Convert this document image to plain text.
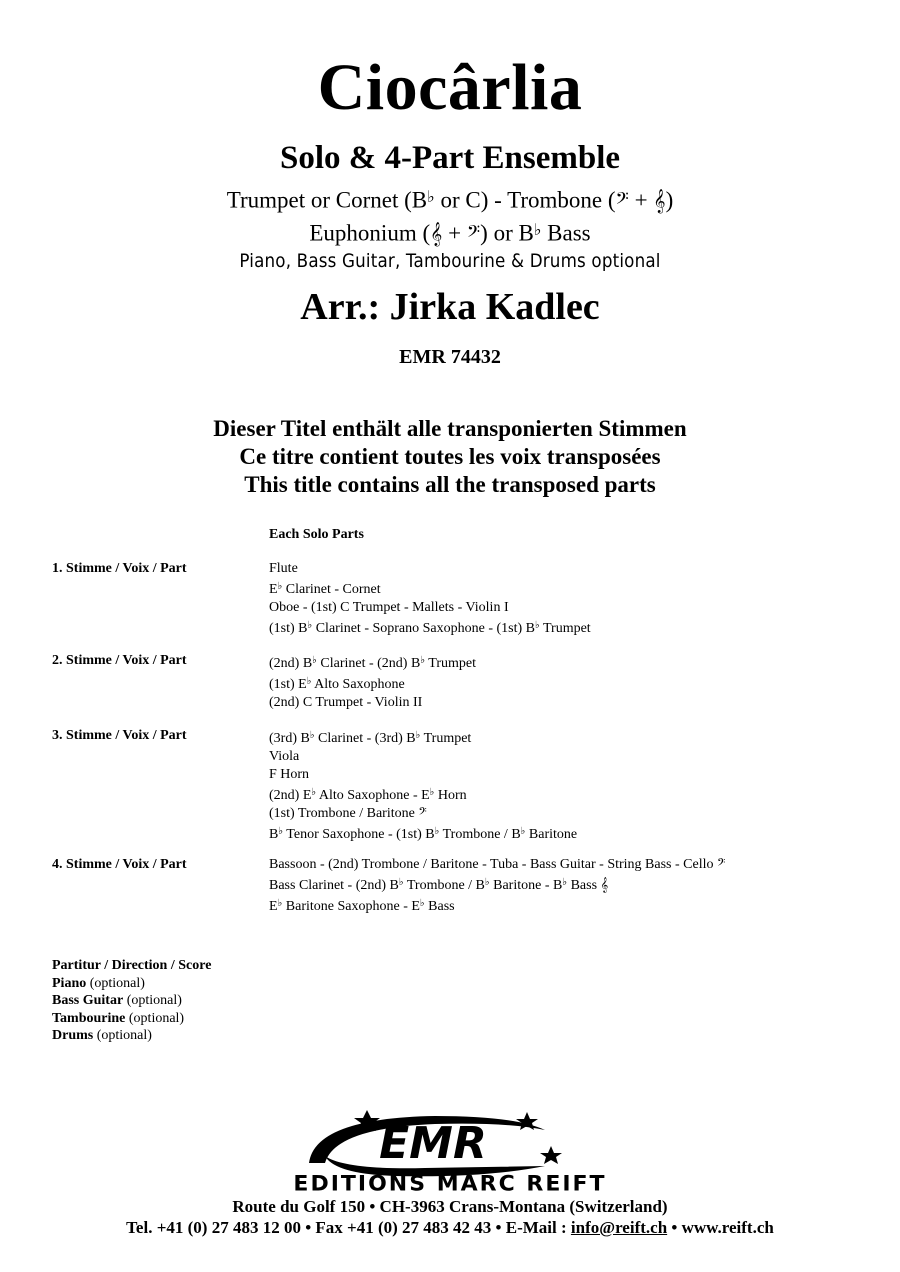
Ciocârlia
Solo & 4-Part Ensemble
Trumpet or Cornet (B♭ or C) - Trombone (𝄢 + 𝄞)
Euphonium (𝄞 + 𝄢) or B♭ Bass
Piano, Bass Guitar, Tambourine & Drums optional
Arr.: Jirka Kadlec
EMR 74432
Dieser Titel enthält alle transponierten Stimmen
Ce titre contient toutes les voix transposées
This title contains all the transposed parts
Each Solo Parts
1. Stimme / Voix / Part	Flute
E♭ Clarinet - Cornet
Oboe - (1st) C Trumpet - Mallets - Violin I
(1st) B♭ Clarinet - Soprano Saxophone - (1st) B♭ Trumpet
2. Stimme / Voix / Part	(2nd) B♭ Clarinet - (2nd) B♭ Trumpet
(1st) E♭ Alto Saxophone
(2nd) C Trumpet - Violin II
3. Stimme / Voix / Part	(3rd) B♭ Clarinet - (3rd) B♭ Trumpet
Viola
F Horn
(2nd) E♭ Alto Saxophone - E♭ Horn
(1st) Trombone / Baritone 𝄢
B♭ Tenor Saxophone - (1st) B♭ Trombone / B♭ Baritone
4. Stimme / Voix / Part	Bassoon - (2nd) Trombone / Baritone - Tuba - Bass Guitar - String Bass - Cello 𝄢
Bass Clarinet - (2nd) B♭ Trombone / B♭ Baritone - B♭ Bass 𝄞
E♭ Baritone Saxophone - E♭ Bass
Partitur / Direction / Score
Piano (optional)
Bass Guitar (optional)
Tambourine (optional)
Drums (optional)
EMR
EDITIONS MARC REIFT
Route du Golf 150 • CH-3963 Crans-Montana (Switzerland)
Tel. +41 (0) 27 483 12 00 • Fax +41 (0) 27 483 42 43 • E-Mail : info@reift.ch • www.reift.ch
